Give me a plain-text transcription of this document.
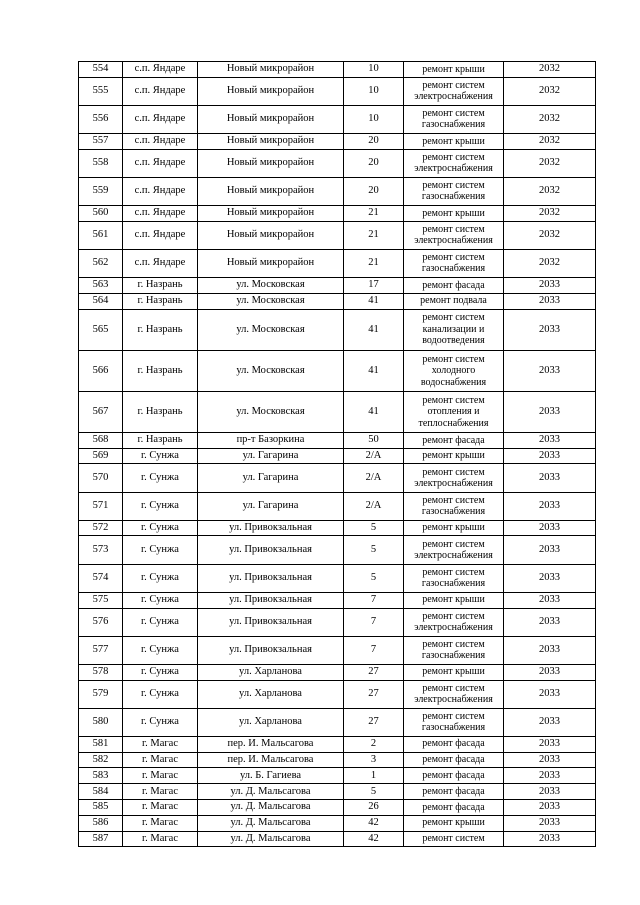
554	с.п. Яндаре	Новый микрорайон	10	ремонт крыши	2032
555	с.п. Яндаре	Новый микрорайон	10	ремонт систем электроснабжения	2032
556	с.п. Яндаре	Новый микрорайон	10	ремонт систем газоснабжения	2032
557	с.п. Яндаре	Новый микрорайон	20	ремонт крыши	2032
558	с.п. Яндаре	Новый микрорайон	20	ремонт систем электроснабжения	2032
559	с.п. Яндаре	Новый микрорайон	20	ремонт систем газоснабжения	2032
560	с.п. Яндаре	Новый микрорайон	21	ремонт крыши	2032
561	с.п. Яндаре	Новый микрорайон	21	ремонт систем электроснабжения	2032
562	с.п. Яндаре	Новый микрорайон	21	ремонт систем газоснабжения	2032
563	г. Назрань	ул. Московская	17	ремонт фасада	2033
564	г. Назрань	ул. Московская	41	ремонт подвала	2033
565	г. Назрань	ул. Московская	41	ремонт систем канализации и водоотведения	2033
566	г. Назрань	ул. Московская	41	ремонт систем холодного водоснабжения	2033
567	г. Назрань	ул. Московская	41	ремонт систем отопления и теплоснабжения	2033
568	г. Назрань	пр-т Базоркина	50	ремонт фасада	2033
569	г. Сунжа	ул. Гагарина	2/А	ремонт крыши	2033
570	г. Сунжа	ул. Гагарина	2/А	ремонт систем электроснабжения	2033
571	г. Сунжа	ул. Гагарина	2/А	ремонт систем газоснабжения	2033
572	г. Сунжа	ул. Привокзальная	5	ремонт крыши	2033
573	г. Сунжа	ул. Привокзальная	5	ремонт систем электроснабжения	2033
574	г. Сунжа	ул. Привокзальная	5	ремонт систем газоснабжения	2033
575	г. Сунжа	ул. Привокзальная	7	ремонт крыши	2033
576	г. Сунжа	ул. Привокзальная	7	ремонт систем электроснабжения	2033
577	г. Сунжа	ул. Привокзальная	7	ремонт систем газоснабжения	2033
578	г. Сунжа	ул. Харланова	27	ремонт крыши	2033
579	г. Сунжа	ул. Харланова	27	ремонт систем электроснабжения	2033
580	г. Сунжа	ул. Харланова	27	ремонт систем газоснабжения	2033
581	г. Магас	пер. И. Мальсагова	2	ремонт фасада	2033
582	г. Магас	пер. И. Мальсагова	3	ремонт фасада	2033
583	г. Магас	ул. Б. Гагиева	1	ремонт фасада	2033
584	г. Магас	ул. Д. Мальсагова	5	ремонт фасада	2033
585	г. Магас	ул. Д. Мальсагова	26	ремонт фасада	2033
586	г. Магас	ул. Д. Мальсагова	42	ремонт крыши	2033
587	г. Магас	ул. Д. Мальсагова	42	ремонт систем	2033
